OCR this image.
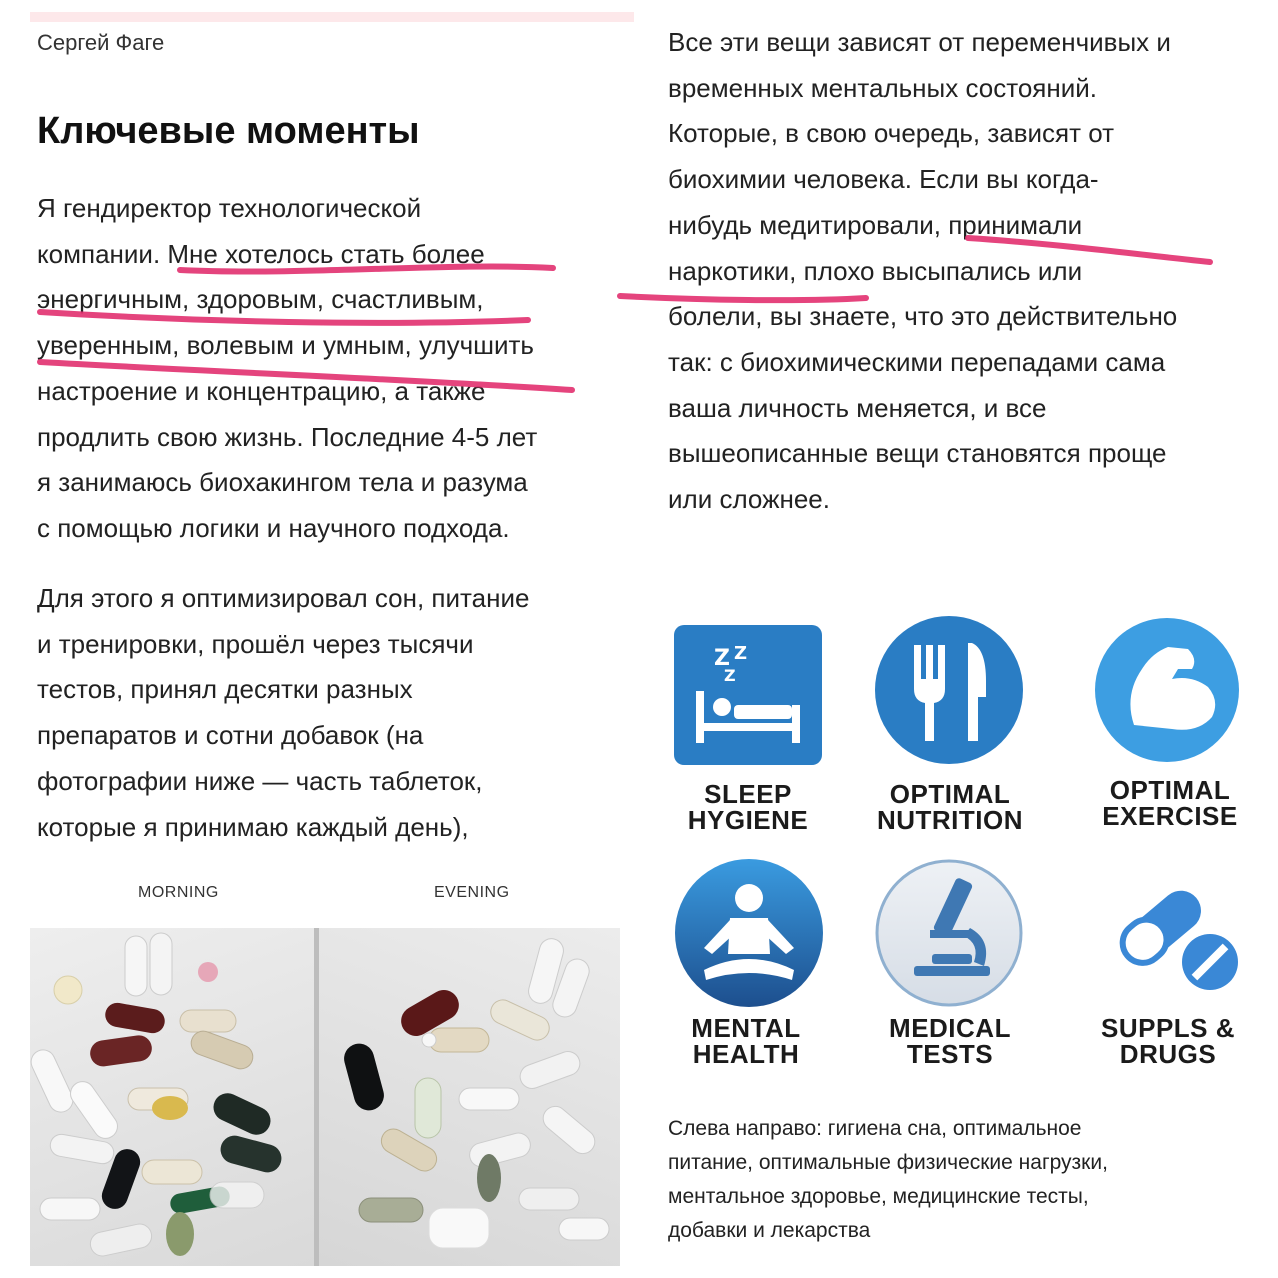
Сергей Фаге
Ключевые моменты
Я гендиректор технологической
компании. Мне хотелось стать более
энергичным, здоровым, счастливым,
уверенным, волевым и умным, улучшить
настроение и концентрацию, а также
продлить свою жизнь. Последние 4-5 лет
я занимаюсь биохакингом тела и разума
с помощью логики и научного подхода.
Для этого я оптимизировал сон, питание
и тренировки, прошёл через тысячи
тестов, принял десятки разных
препаратов и сотни добавок (на
фотографии ниже — часть таблеток,
которые я принимаю каждый день),
Все эти вещи зависят от переменчивых и
временных ментальных состояний.
Которые, в свою очередь, зависят от
биохимии человека. Если вы когда-
нибудь медитировали, принимали
наркотики, плохо высыпались или
болели, вы знаете, что это действительно
так: с биохимическими перепадами сама
ваша личность меняется, и все
вышеописанные вещи становятся проще
или сложнее.
MORNING	EVENING
Z Z
Z
SLEEP
HYGIENE
OPTIMAL
NUTRITION
OPTIMAL
EXERCISE
MENTAL
HEALTH
MEDICAL
TESTS
SUPPLS &
DRUGS
Слева направо: гигиена сна, оптимальное
питание, оптимальные физические нагрузки,
ментальное здоровье, медицинские тесты,
добавки и лекарства
